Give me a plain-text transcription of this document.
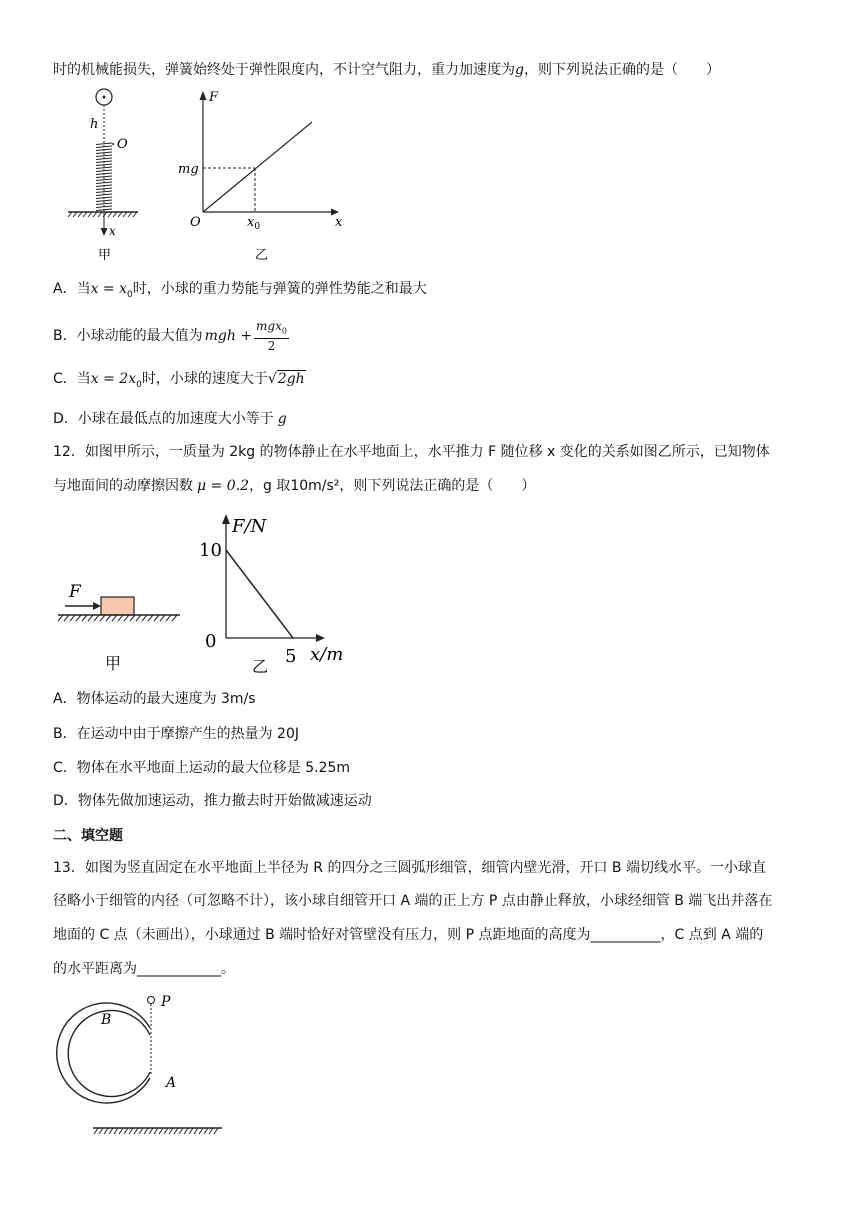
时的机械能损失，弹簧始终处于弹性限度内，不计空气阻力，重力加速度为g，则下列说法正确的是（　　）
h
O
x
甲
F
mg
O	$x_0$	x
乙
A．当$x = x_0$时，小球的重力势能与弹簧的弹性势能之和最大
B．小球动能的最大值为 mgh + $\frac{mgx_0}{2}$
C．当$x = 2x_0$时，小球的速度大于√2gh
D．小球在最低点的加速度大小等于 g
12．如图甲所示，一质量为 2kg 的物体静止在水平地面上，水平推力 F 随位移 x 变化的关系如图乙所示，已知物体
与地面间的动摩擦因数 μ = 0.2，g 取10m/s²，则下列说法正确的是（　　）
F
甲
F/N
10
0
5 x/m
乙
A．物体运动的最大速度为 3m/s
B．在运动中由于摩擦产生的热量为 20J
C．物体在水平地面上运动的最大位移是 5.25m
D．物体先做加速运动，推力撤去时开始做减速运动
二、填空题
13．如图为竖直固定在水平地面上半径为 R 的四分之三圆弧形细管，细管内壁光滑，开口 B 端切线水平。一小球直
径略小于细管的内径（可忽略不计），该小球自细管开口 A 端的正上方 P 点由静止释放，小球经细管 B 端飞出并落在
地面的 C 点（未画出），小球通过 B 端时恰好对管壁没有压力，则 P 点距地面的高度为__________，C 点到 A 端的
的水平距离为____________。
P
B
A
